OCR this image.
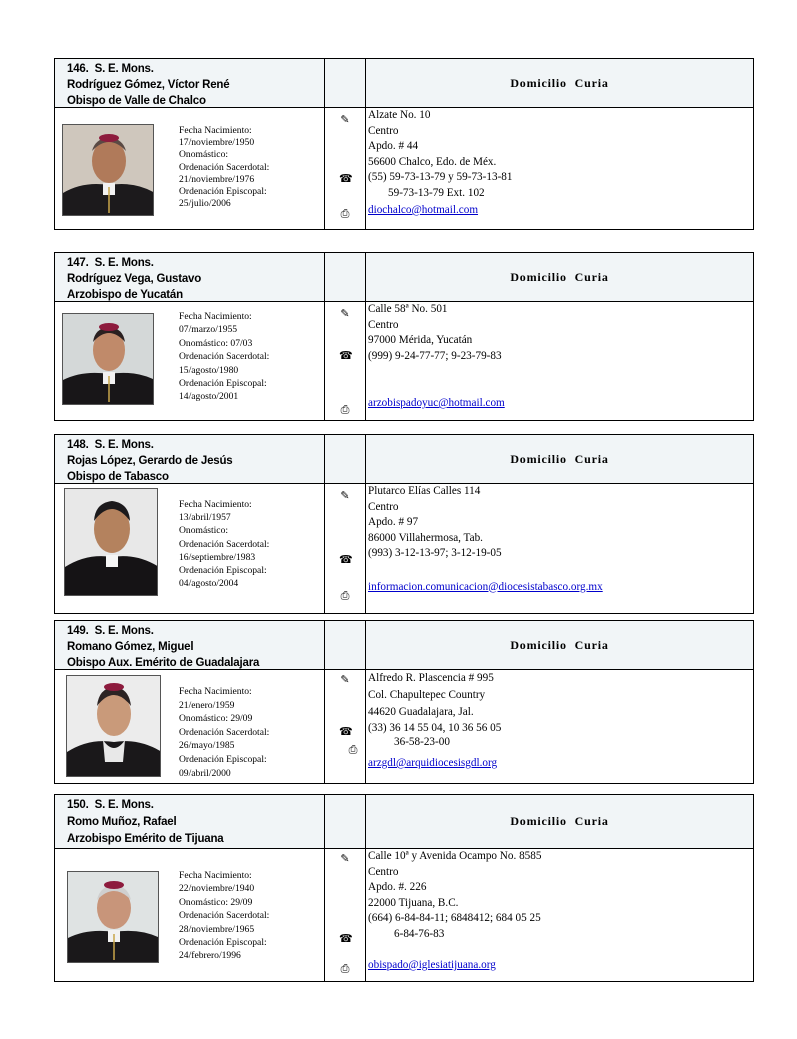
146. S. E. Mons.
Rodríguez Gómez, Víctor René
Obispo de Valle de Chalco
Domicilio Curia
Fecha Nacimiento:
17/noviembre/1950
Onomástico:
Ordenación Sacerdotal:
21/noviembre/1976
Ordenación Episcopal:
25/julio/2006
✎
☎
⎙
Alzate No. 10
Centro
Apdo. # 44
56600 Chalco, Edo. de Méx.
(55) 59-73-13-79 y 59-73-13-81
59-73-13-79 Ext. 102
diochalco@hotmail.com
147. S. E. Mons.
Rodríguez Vega, Gustavo
Arzobispo de Yucatán
Domicilio Curia
Fecha Nacimiento:
07/marzo/1955
Onomástico: 07/03
Ordenación Sacerdotal:
15/agosto/1980
Ordenación Episcopal:
14/agosto/2001
✎
☎
⎙
Calle 58ª No. 501
Centro
97000 Mérida, Yucatán
(999) 9-24-77-77; 9-23-79-83
arzobispadoyuc@hotmail.com
148. S. E. Mons.
Rojas López, Gerardo de Jesús
Obispo de Tabasco
Domicilio Curia
Fecha Nacimiento:
13/abril/1957
Onomástico:
Ordenación Sacerdotal:
16/septiembre/1983
Ordenación Episcopal:
04/agosto/2004
✎
☎
⎙
Plutarco Elías Calles 114
Centro
Apdo. # 97
86000 Villahermosa, Tab.
(993) 3-12-13-97; 3-12-19-05
informacion.comunicacion@diocesistabasco.org.mx
149. S. E. Mons.
Romano Gómez, Miguel
Obispo Aux. Emérito de Guadalajara
Domicilio Curia
Fecha Nacimiento:
21/enero/1959
Onomástico: 29/09
Ordenación Sacerdotal:
26/mayo/1985
Ordenación Episcopal:
09/abril/2000
✎
☎
⎙
Alfredo R. Plascencia # 995
Col. Chapultepec Country
44620 Guadalajara, Jal.
(33) 36 14 55 04, 10 36 56 05
36-58-23-00
arzgdl@arquidiocesisgdl.org
150. S. E. Mons.
Romo Muñoz, Rafael
Arzobispo Emérito de Tijuana
Domicilio Curia
Fecha Nacimiento:
22/noviembre/1940
Onomástico: 29/09
Ordenación Sacerdotal:
28/noviembre/1965
Ordenación Episcopal:
24/febrero/1996
✎
☎
⎙
Calle 10ª y Avenida Ocampo No. 8585
Centro
Apdo. #. 226
22000 Tijuana, B.C.
(664) 6-84-84-11; 6848412; 684 05 25
6-84-76-83
obispado@iglesiatijuana.org
